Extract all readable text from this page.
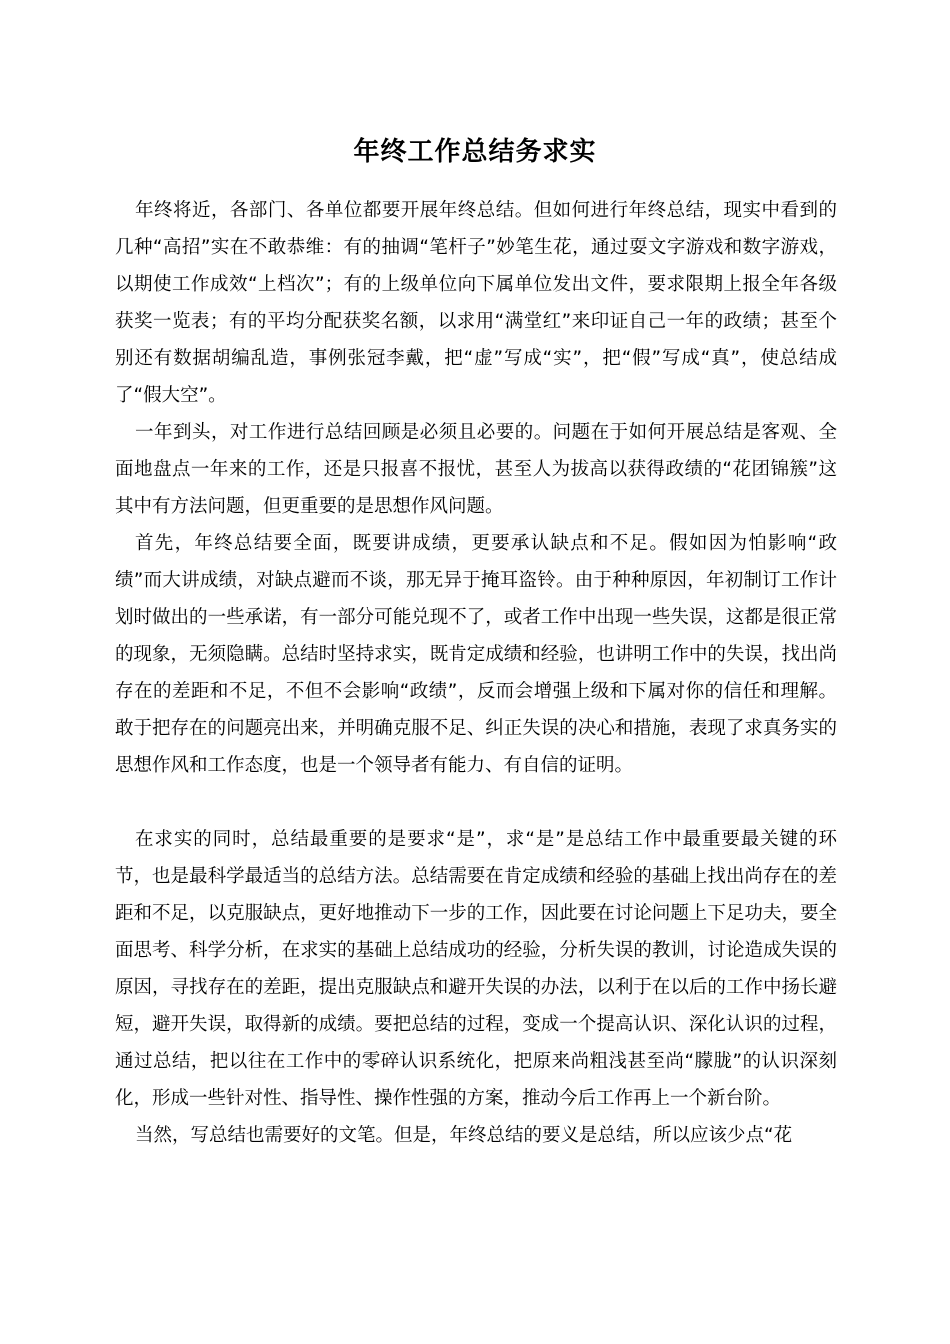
年终工作总结务求实

年终将近，各部门、各单位都要开展年终总结。但如何进行年终总结，现实中看到的几种“高招”实在不敢恭维：有的抽调“笔杆子”妙笔生花，通过耍文字游戏和数字游戏，以期使工作成效“上档次”；有的上级单位向下属单位发出文件，要求限期上报全年各级获奖一览表；有的平均分配获奖名额，以求用“满堂红”来印证自己一年的政绩；甚至个别还有数据胡编乱造，事例张冠李戴，把“虚”写成“实”，把“假”写成“真”，使总结成了“假大空”。

一年到头，对工作进行总结回顾是必须且必要的。问题在于如何开展总结是客观、全面地盘点一年来的工作，还是只报喜不报忧，甚至人为拔高以获得政绩的“花团锦簇”这其中有方法问题，但更重要的是思想作风问题。

首先，年终总结要全面，既要讲成绩，更要承认缺点和不足。假如因为怕影响“政绩”而大讲成绩，对缺点避而不谈，那无异于掩耳盗铃。由于种种原因，年初制订工作计划时做出的一些承诺，有一部分可能兑现不了，或者工作中出现一些失误，这都是很正常的现象，无须隐瞒。总结时坚持求实，既肯定成绩和经验，也讲明工作中的失误，找出尚存在的差距和不足，不但不会影响“政绩”，反而会增强上级和下属对你的信任和理解。敢于把存在的问题亮出来，并明确克服不足、纠正失误的决心和措施，表现了求真务实的思想作风和工作态度，也是一个领导者有能力、有自信的证明。

在求实的同时，总结最重要的是要求“是”，求“是”是总结工作中最重要最关键的环节，也是最科学最适当的总结方法。总结需要在肯定成绩和经验的基础上找出尚存在的差距和不足，以克服缺点，更好地推动下一步的工作，因此要在讨论问题上下足功夫，要全面思考、科学分析，在求实的基础上总结成功的经验，分析失误的教训，讨论造成失误的原因，寻找存在的差距，提出克服缺点和避开失误的办法，以利于在以后的工作中扬长避短，避开失误，取得新的成绩。要把总结的过程，变成一个提高认识、深化认识的过程，通过总结，把以往在工作中的零碎认识系统化，把原来尚粗浅甚至尚“朦胧”的认识深刻化，形成一些针对性、指导性、操作性强的方案，推动今后工作再上一个新台阶。

当然，写总结也需要好的文笔。但是，年终总结的要义是总结，所以应该少点“花
